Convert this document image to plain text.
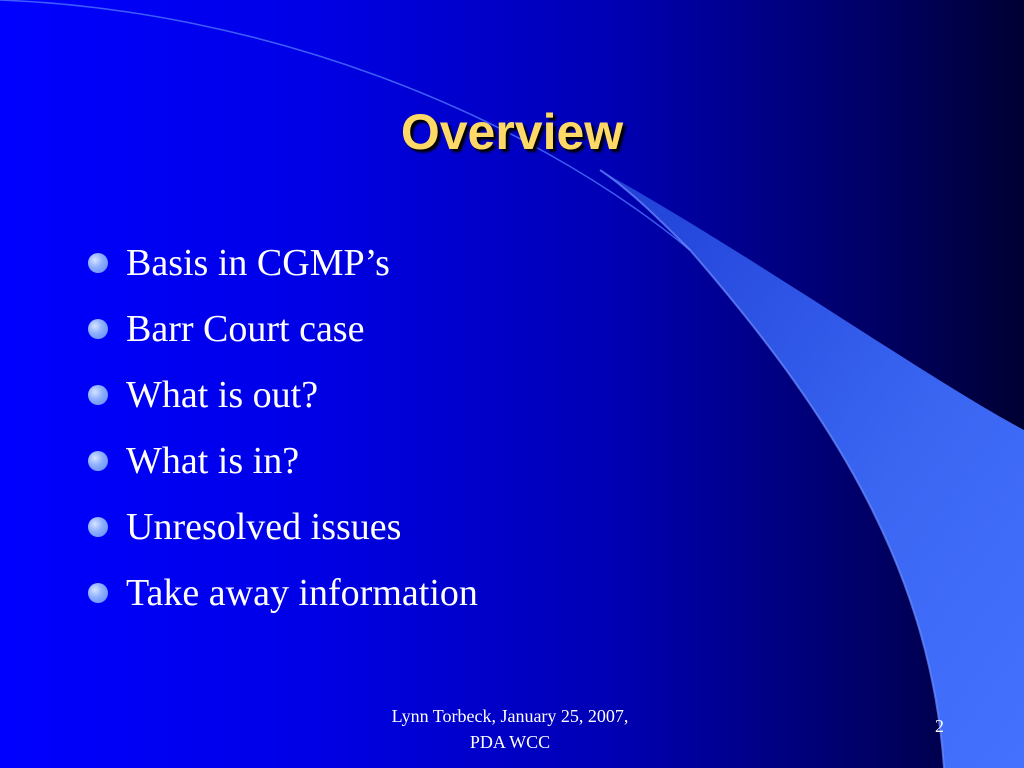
Overview
Basis in CGMP’s
Barr Court case
What is out?
What is in?
Unresolved issues
Take away information
Lynn Torbeck, January 25, 2007,
PDA WCC
2
